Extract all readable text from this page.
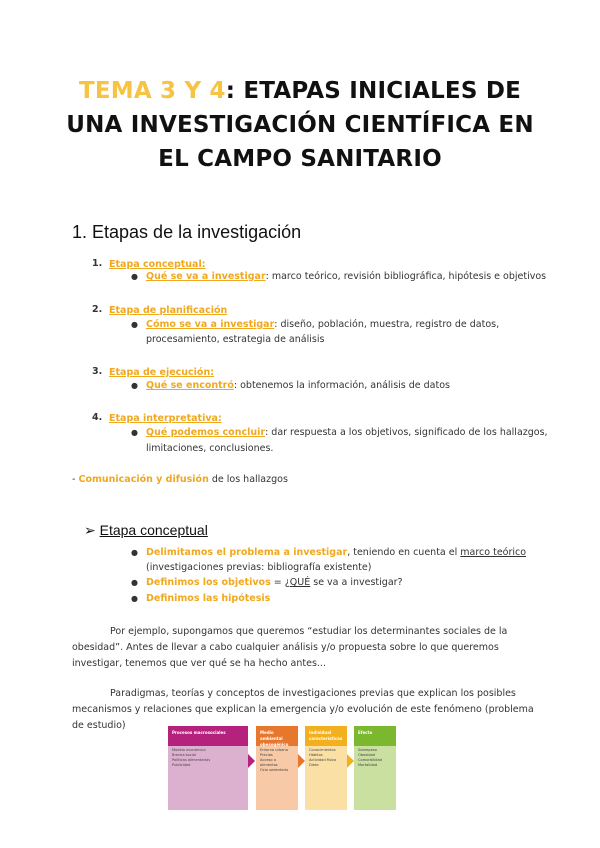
TEMA 3 Y 4: ETAPAS INICIALES DE
UNA INVESTIGACIÓN CIENTÍFICA EN
EL CAMPO SANITARIO
1. Etapas de la investigación
1. Etapa conceptual:
● Qué se va a investigar: marco teórico, revisión bibliográfica, hipótesis e objetivos
2. Etapa de planificación
● Cómo se va a investigar: diseño, población, muestra, registro de datos,
procesamiento, estrategia de análisis
3. Etapa de ejecución:
● Qué se encontró: obtenemos la información, análisis de datos
4. Etapa interpretativa:
● Qué podemos concluir: dar respuesta a los objetivos, significado de los hallazgos,
limitaciones, conclusiones.
- Comunicación y difusión de los hallazgos
➢ Etapa conceptual
● Delimitamos el problema a investigar, teniendo en cuenta el marco teórico
(investigaciones previas: bibliografía existente)
● Definimos los objetivos = ¿QUÉ se va a investigar?
● Definimos las hipótesis
Por ejemplo, supongamos que queremos “estudiar los determinantes sociales de la
obesidad”. Antes de llevar a cabo cualquier análisis y/o propuesta sobre lo que queremos
investigar, tenemos que ver qué se ha hecho antes...
Paradigmas, teorías y conceptos de investigaciones previas que explican los posibles
mecanismos y relaciones que explican la emergencia y/o evolución de este fenómeno (problema
de estudio)
Procesos macrosociales
Modelo económico
Brecha social
Políticas alimentarias
Publicidad
Medio ambiental obesogénico
Entorno urbano
Precios
Acceso a alimentos
Ocio sedentario
Individual características
Conocimientos
Hábitos
Actividad física
Dieta
Efecto
Sobrepeso
Obesidad
Comorbilidad
Mortalidad
